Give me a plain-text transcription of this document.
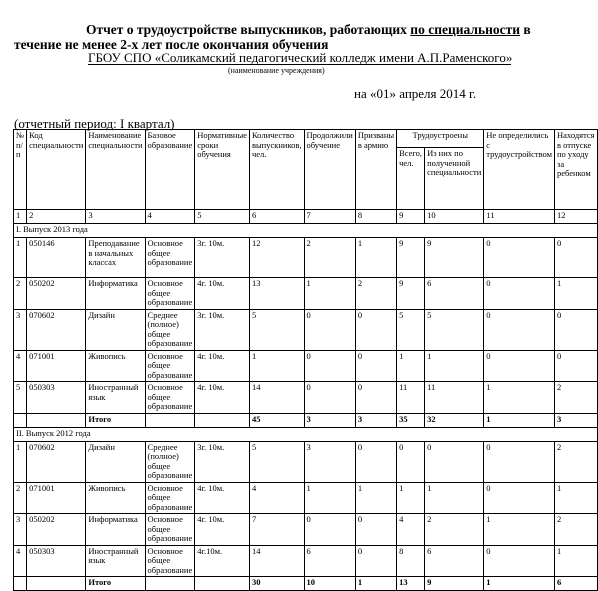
Отчет о трудоустройстве выпускников, работающих по специальности в
течение не менее 2-х лет после окончания обучения
ГБОУ СПО «Соликамский педагогический колледж имени А.П.Раменского»
(наименование учреждения)
на «01» апреля 2014 г.
(отчетный период: I квартал)
№ п/п	Код специальности	Наименование специальности	Базовое образование	Нормативные сроки обучения	Количество выпускников, чел.	Продолжили обучение	Призваны в армию	Трудоустроены		Не определились с трудоустройством	Находятся в отпуске по уходу за ребенком
								Всего, чел.	Из них по полученной специальности		
1	2	3	4	5	6	7	8	9	10	11	12
I. Выпуск 2013 года											
1	050146	Преподавание в начальных классах	Основное общее образование	3г. 10м.	12	2	1	9	9	0	0
2	050202	Информатика	Основное общее образование	4г. 10м.	13	1	2	9	6	0	1
3	070602	Дизайн	Среднее (полное) общее образование	3г. 10м.	5	0	0	5	5	0	0
4	071001	Живопись	Основное общее образование	4г. 10м.	1	0	0	1	1	0	0
5	050303	Иностранный язык	Основное общее образование	4г. 10м.	14	0	0	11	11	1	2
		Итого			45	3	3	35	32	1	3
II. Выпуск 2012 года											
1	070602	Дизайн	Среднее (полное) общее образование	3г. 10м.	5	3	0	0	0	0	2
2	071001	Живопись	Основное общее образование	4г. 10м.	4	1	1	1	1	0	1
3	050202	Информатика	Основное общее образование	4г. 10м.	7	0	0	4	2	1	2
4	050303	Иностранный язык	Основное общее образование	4г.10м.	14	6	0	8	6	0	1
		Итого			30	10	1	13	9	1	6
